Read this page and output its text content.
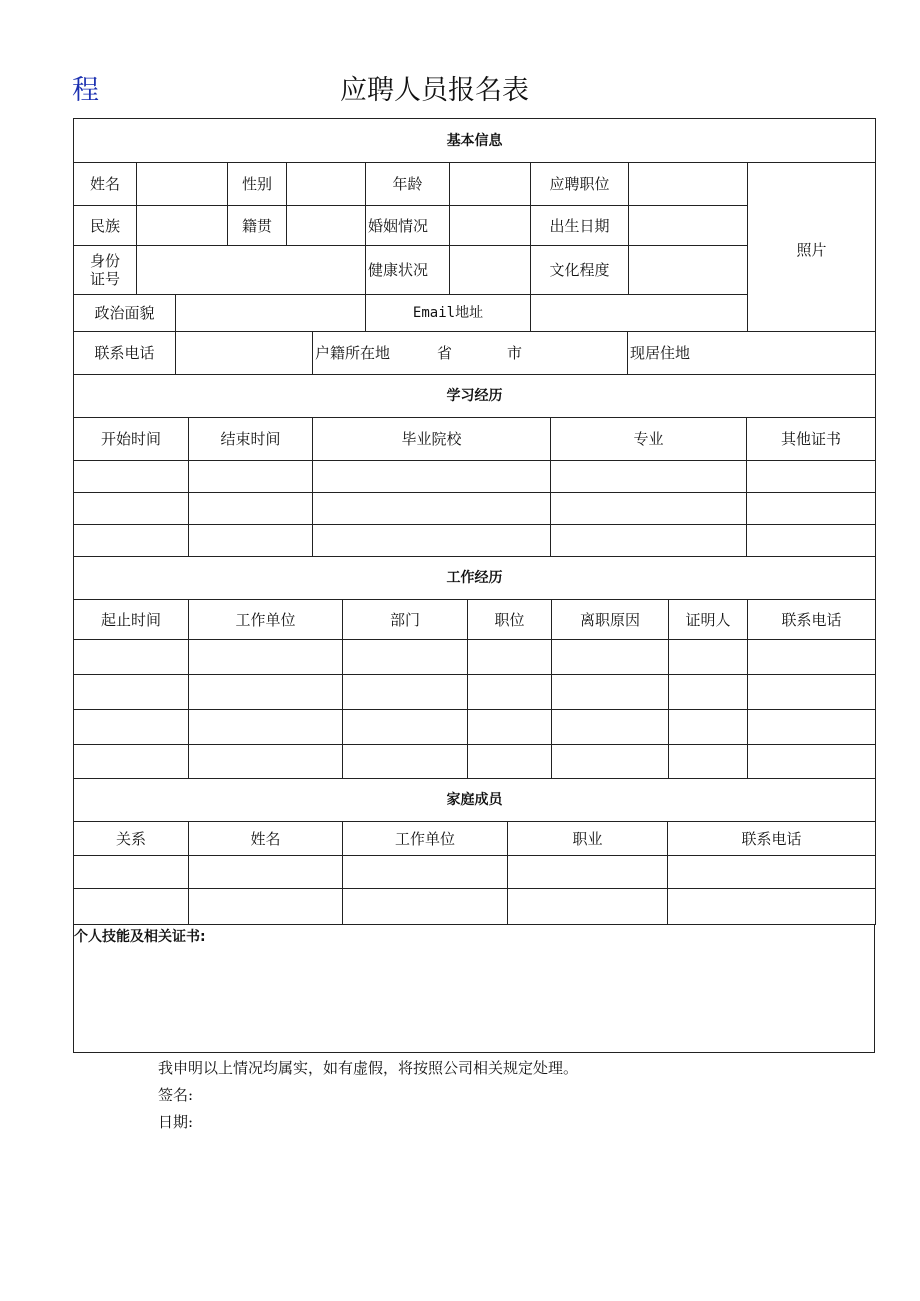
程	应聘人员报名表
基本信息									
姓名			性别		年龄		应聘职位		照片
民族			籍贯		婚姻情况		出生日期		
身份证号					健康状况		文化程度		
政治面貌					Email地址				
联系电话		户籍所在地	省	市	现居住地
学习经历				
开始时间	结束时间	毕业院校	专业	其他证书

工作经历						
起止时间	工作单位	部门	职位	离职原因	证明人	联系电话

家庭成员				
关系	姓名	工作单位	职业	联系电话

个人技能及相关证书:
我申明以上情况均属实，如有虚假，将按照公司相关规定处理。
签名:
日期:
